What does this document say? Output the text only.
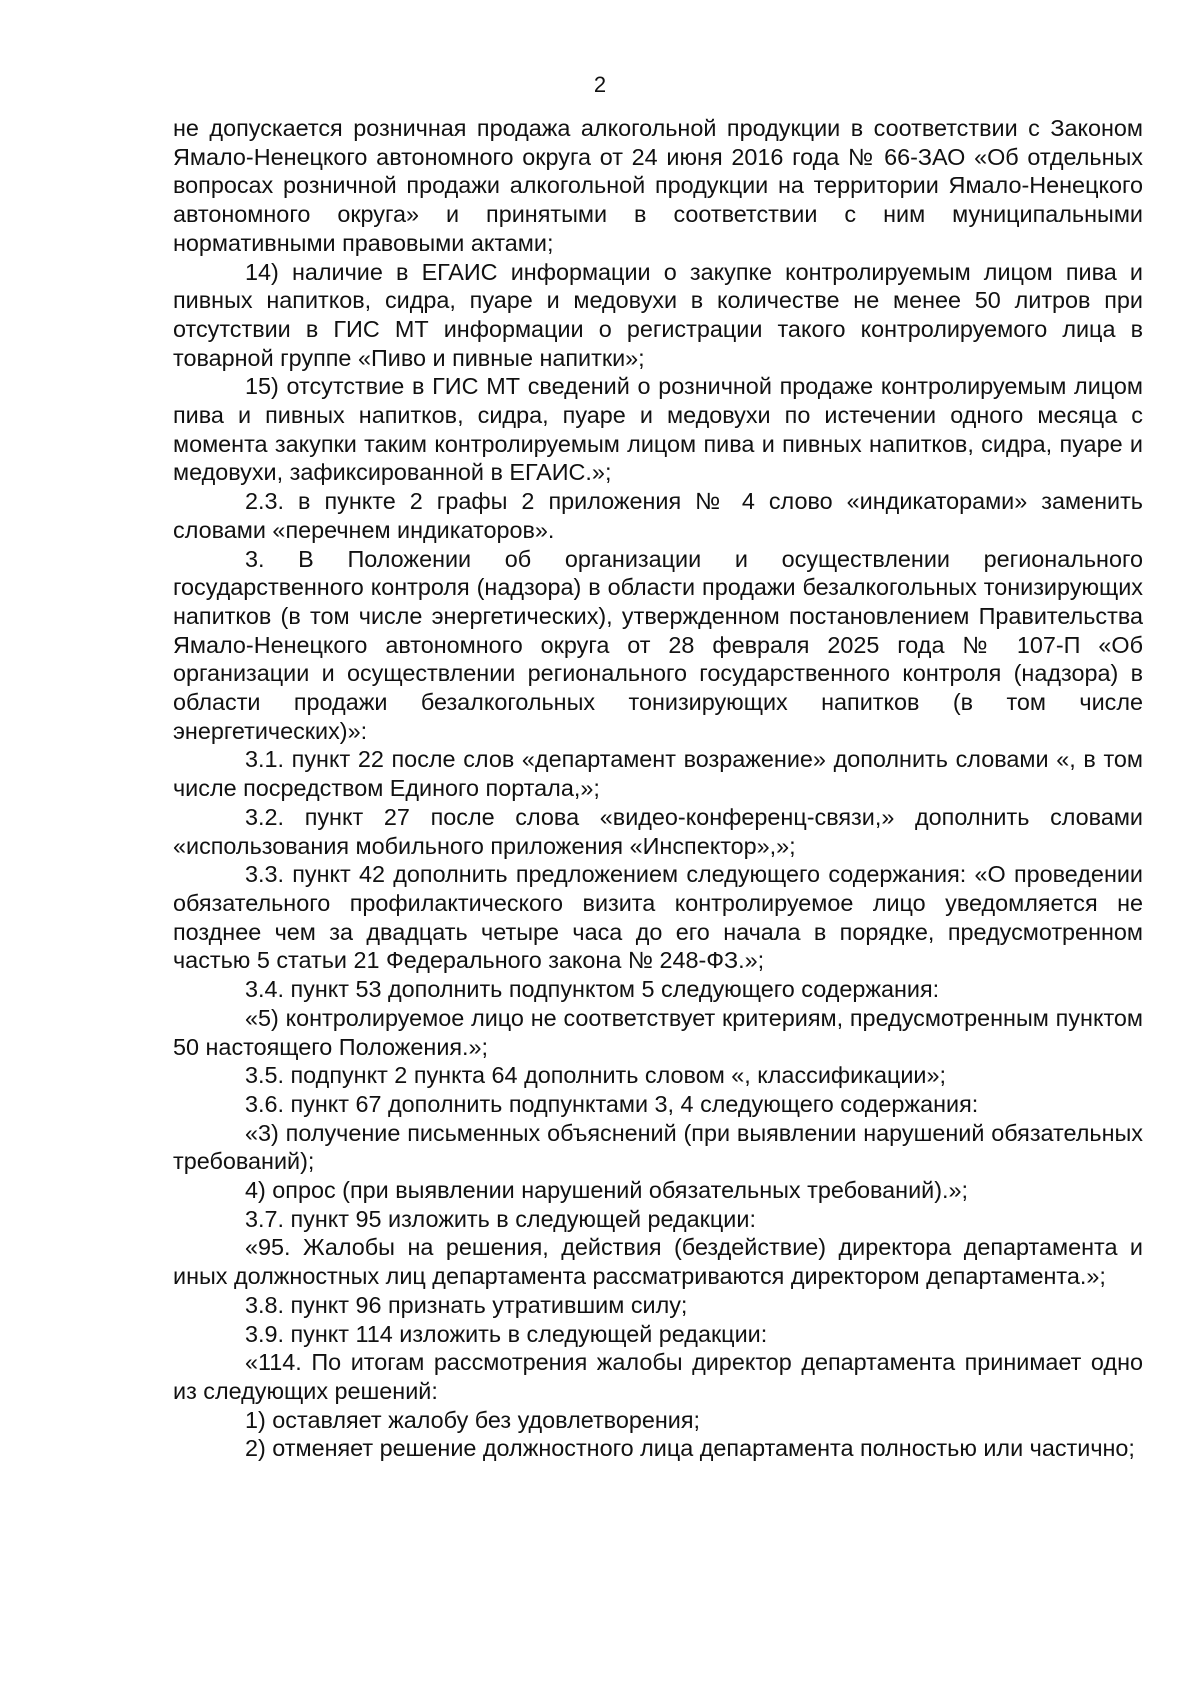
2

не допускается розничная продажа алкогольной продукции в соответствии с Законом Ямало-Ненецкого автономного округа от 24 июня 2016 года № 66-ЗАО «Об отдельных вопросах розничной продажи алкогольной продукции на территории Ямало-Ненецкого автономного округа» и принятыми в соответствии с ним муниципальными нормативными правовыми актами;

14) наличие в ЕГАИС информации о закупке контролируемым лицом пива и пивных напитков, сидра, пуаре и медовухи в количестве не менее 50 литров при отсутствии в ГИС МТ информации о регистрации такого контролируемого лица в товарной группе «Пиво и пивные напитки»;

15) отсутствие в ГИС МТ сведений о розничной продаже контролируемым лицом пива и пивных напитков, сидра, пуаре и медовухи по истечении одного месяца с момента закупки таким контролируемым лицом пива и пивных напитков, сидра, пуаре и медовухи, зафиксированной в ЕГАИС.»;

2.3. в пункте 2 графы 2 приложения № 4 слово «индикаторами» заменить словами «перечнем индикаторов».

3. В Положении об организации и осуществлении регионального государственного контроля (надзора) в области продажи безалкогольных тонизирующих напитков (в том числе энергетических), утвержденном постановлением Правительства Ямало-Ненецкого автономного округа от 28 февраля 2025 года № 107-П «Об организации и осуществлении регионального государственного контроля (надзора) в области продажи безалкогольных тонизирующих напитков (в том числе энергетических)»:

3.1. пункт 22 после слов «департамент возражение» дополнить словами «, в том числе посредством Единого портала,»;

3.2. пункт 27 после слова «видео-конференц-связи,» дополнить словами «использования мобильного приложения «Инспектор»,»;

3.3. пункт 42 дополнить предложением следующего содержания: «О проведении обязательного профилактического визита контролируемое лицо уведомляется не позднее чем за двадцать четыре часа до его начала в порядке, предусмотренном частью 5 статьи 21 Федерального закона № 248-ФЗ.»;

3.4. пункт 53 дополнить подпунктом 5 следующего содержания:

«5) контролируемое лицо не соответствует критериям, предусмотренным пунктом 50 настоящего Положения.»;

3.5. подпункт 2 пункта 64 дополнить словом «, классификации»;

3.6. пункт 67 дополнить подпунктами 3, 4 следующего содержания:

«3) получение письменных объяснений (при выявлении нарушений обязательных требований);

4) опрос (при выявлении нарушений обязательных требований).»;

3.7. пункт 95 изложить в следующей редакции:

«95. Жалобы на решения, действия (бездействие) директора департамента и иных должностных лиц департамента рассматриваются директором департамента.»;

3.8. пункт 96 признать утратившим силу;

3.9. пункт 114 изложить в следующей редакции:

«114. По итогам рассмотрения жалобы директор департамента принимает одно из следующих решений:

1) оставляет жалобу без удовлетворения;

2) отменяет решение должностного лица департамента полностью или частично;
